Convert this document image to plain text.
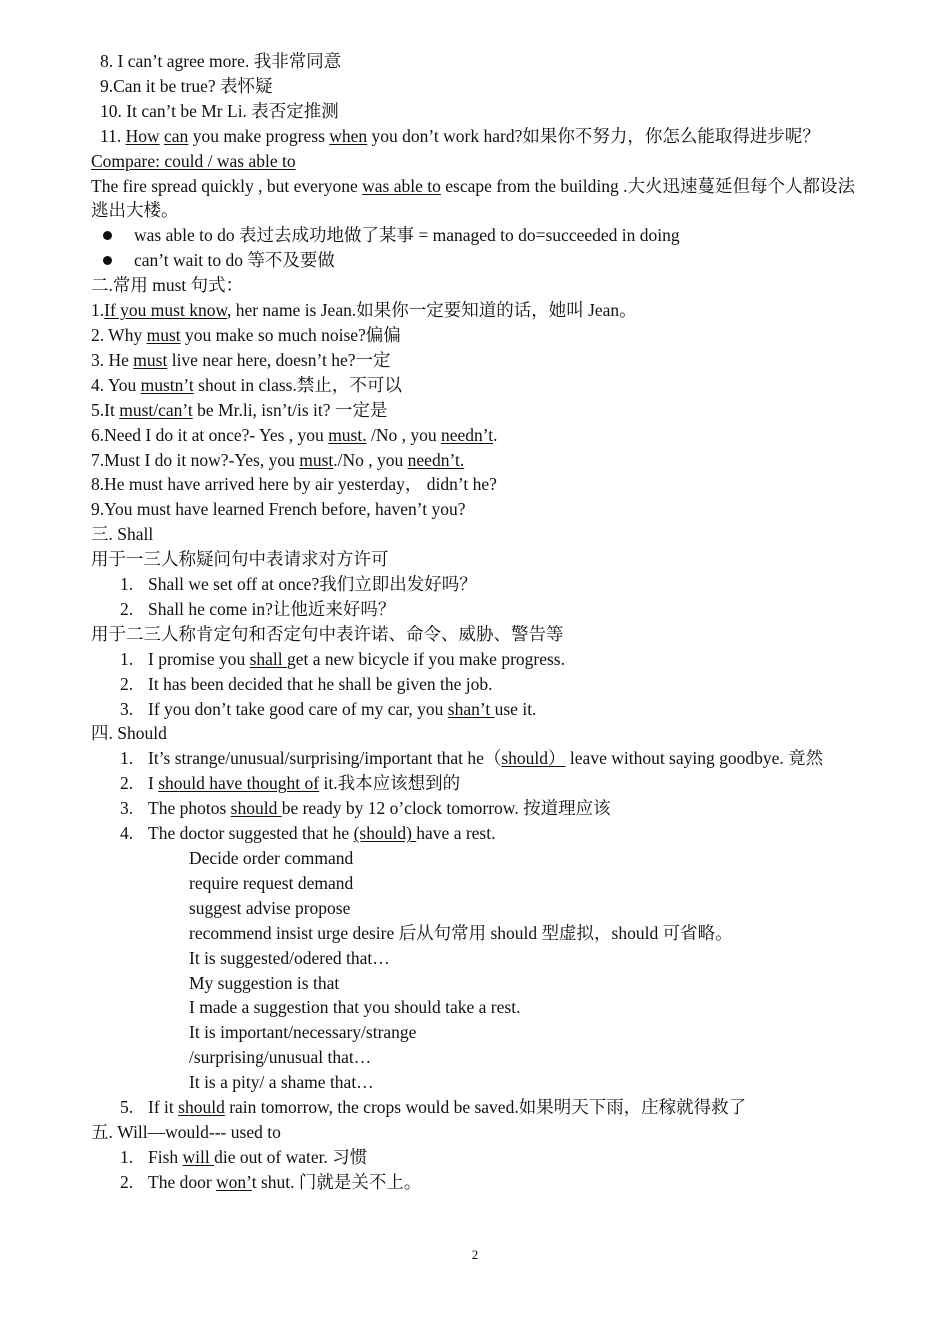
8. I can’t agree more. 我非常同意
9.Can it be true? 表怀疑
10. It can’t be Mr Li. 表否定推测
11. How can you make progress when you don’t work hard?如果你不努力，你怎么能取得进步呢？
Compare: could / was able to
The fire spread quickly , but everyone was able to escape from the building .大火迅速蔓延但每个人都设法逃出大楼。
was able to do 表过去成功地做了某事 = managed to do=succeeded in doing
can’t wait to do 等不及要做
二.常用 must 句式：
1.If you must know, her name is Jean.如果你一定要知道的话，她叫 Jean。
2. Why must you make so much noise?偏偏
3. He must live near here, doesn’t he?一定
4. You mustn’t shout in class.禁止，不可以
5.It must/can’t be Mr.li, isn’t/is it? 一定是
6.Need I do it at once?- Yes , you must. /No , you needn’t.
7.Must I do it now?-Yes, you must./No , you needn’t.
8.He must have arrived here by air yesterday， didn’t he?
9.You must have learned French before, haven’t you?
三. Shall
用于一三人称疑问句中表请求对方许可
1. Shall we set off at once?我们立即出发好吗？
2. Shall he come in?让他近来好吗？
用于二三人称肯定句和否定句中表许诺、命令、威胁、警告等
1. I promise you shall get a new bicycle if you make progress.
2. It has been decided that he shall be given the job.
3. If you don’t take good care of my car, you shan’t use it.
四. Should
1. It’s strange/unusual/surprising/important that he（should） leave without saying goodbye. 竟然
2. I should have thought of it.我本应该想到的
3. The photos should be ready by 12 o’clock tomorrow. 按道理应该
4. The doctor suggested that he (should) have a rest.
Decide order command
require request demand
suggest advise propose
recommend insist urge desire 后从句常用 should 型虚拟，should 可省略。
It is suggested/odered that…
My suggestion is that
I made a suggestion that you should take a rest.
It is important/necessary/strange
/surprising/unusual that…
It is a pity/ a shame that…
5. If it should rain tomorrow, the crops would be saved.如果明天下雨，庄稼就得救了
五. Will—would--- used to
1. Fish will die out of water. 习惯
2. The door won’t shut. 门就是关不上。
2
